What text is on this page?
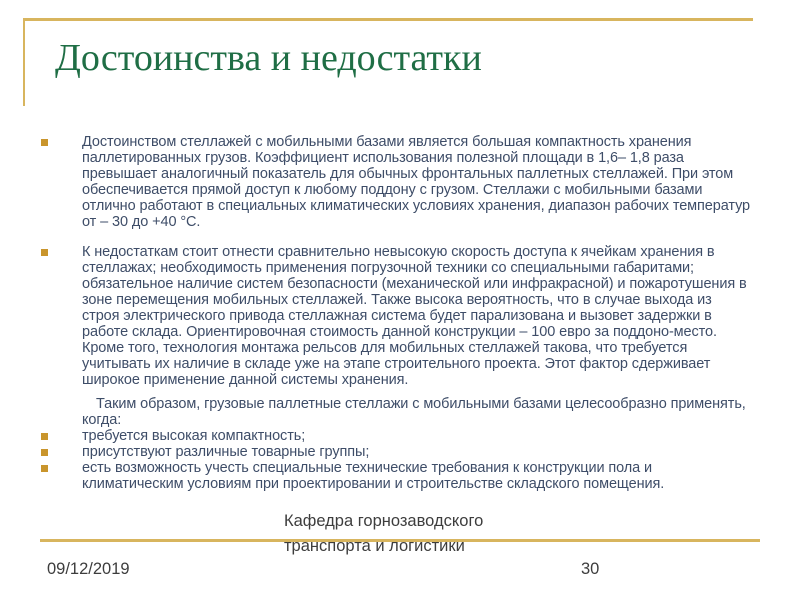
Достоинства и недостатки
Достоинством стеллажей с мобильными базами является большая компактность хранения паллетированных грузов. Коэффициент использования полезной площади в 1,6– 1,8 раза превышает аналогичный показатель для обычных фронтальных паллетных стеллажей. При этом обеспечивается прямой доступ к любому поддону с грузом. Стеллажи с мобильными базами отлично работают в специальных климатических условиях хранения, диапазон рабочих температур от – 30 до +40 °С.
К недостаткам стоит отнести сравнительно невысокую скорость доступа к ячейкам хранения в стеллажах; необходимость применения погрузочной техники со специальными габаритами; обязательное наличие систем безопасности (механической или инфракрасной) и пожаротушения в зоне перемещения мобильных стеллажей. Также высока вероятность, что в случае выхода из строя электрического привода стеллажная система будет парализована и вызовет задержки в работе склада. Ориентировочная стоимость данной конструкции – 100 евро за поддоно-место. Кроме того, технология монтажа рельсов для мобильных стеллажей такова, что требуется учитывать их наличие в складе уже на этапе строительного проекта. Этот фактор сдерживает широкое применение данной системы хранения.
Таким образом, грузовые паллетные стеллажи с мобильными базами целесообразно применять, когда:
требуется высокая компактность;
присутствуют различные товарные группы;
есть возможность учесть специальные технические требования к конструкции пола и климатическим условиям при проектировании и строительстве складского помещения.
09/12/2019
Кафедра горнозаводского транспорта и логистики
30
